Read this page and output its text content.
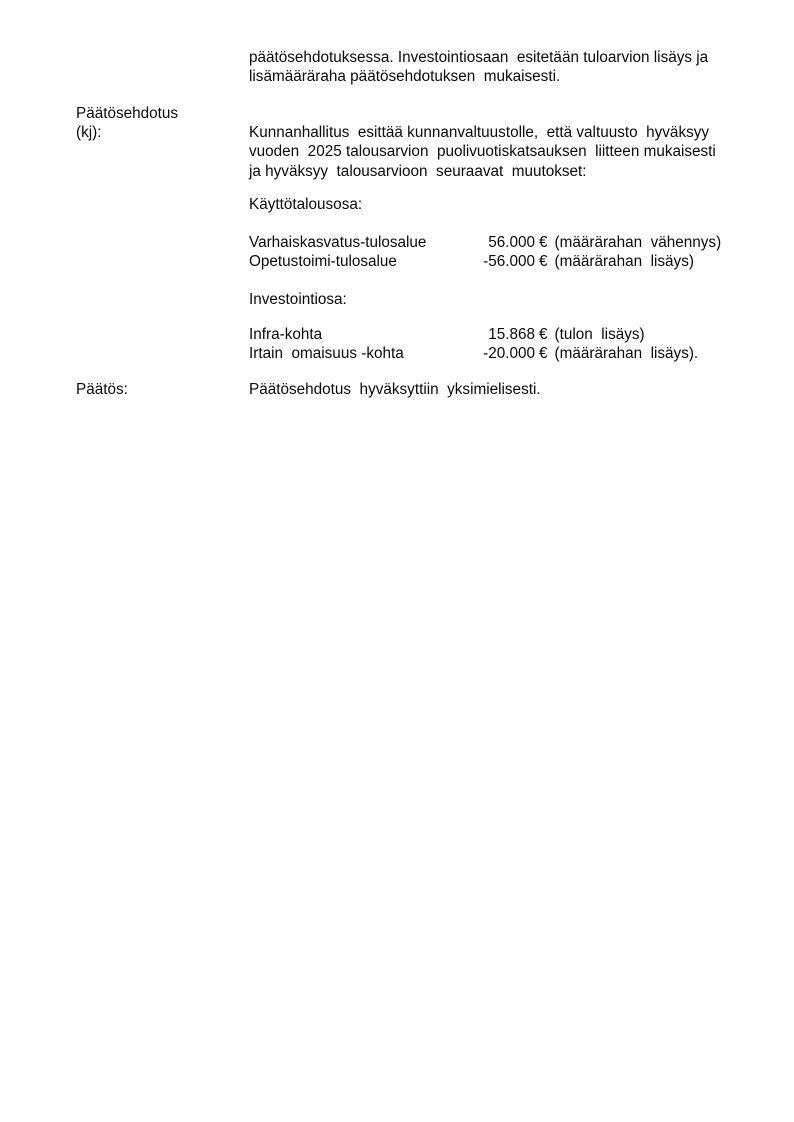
päätösehdotuksessa. Investointiosaan  esitetään tuloarvion lisäys ja
lisämääräraha päätösehdotuksen  mukaisesti.
Päätösehdotus
(kj):	Kunnanhallitus  esittää kunnanvaltuustolle,  että valtuusto  hyväksyy
vuoden  2025 talousarvion  puolivuotiskatsauksen  liitteen mukaisesti
ja hyväksyy  talousarvioon  seuraavat  muutokset:
Käyttötalousosa:
Varhaiskasvatus-tulosalue	56.000 € (määrärahan  vähennys)
Opetustoimi-tulosalue	-56.000 € (määrärahan  lisäys)
Investointiosa:
Infra-kohta	15.868 € (tulon  lisäys)
Irtain  omaisuus -kohta	-20.000 € (määrärahan  lisäys).
Päätös:	Päätösehdotus  hyväksyttiin  yksimielisesti.
